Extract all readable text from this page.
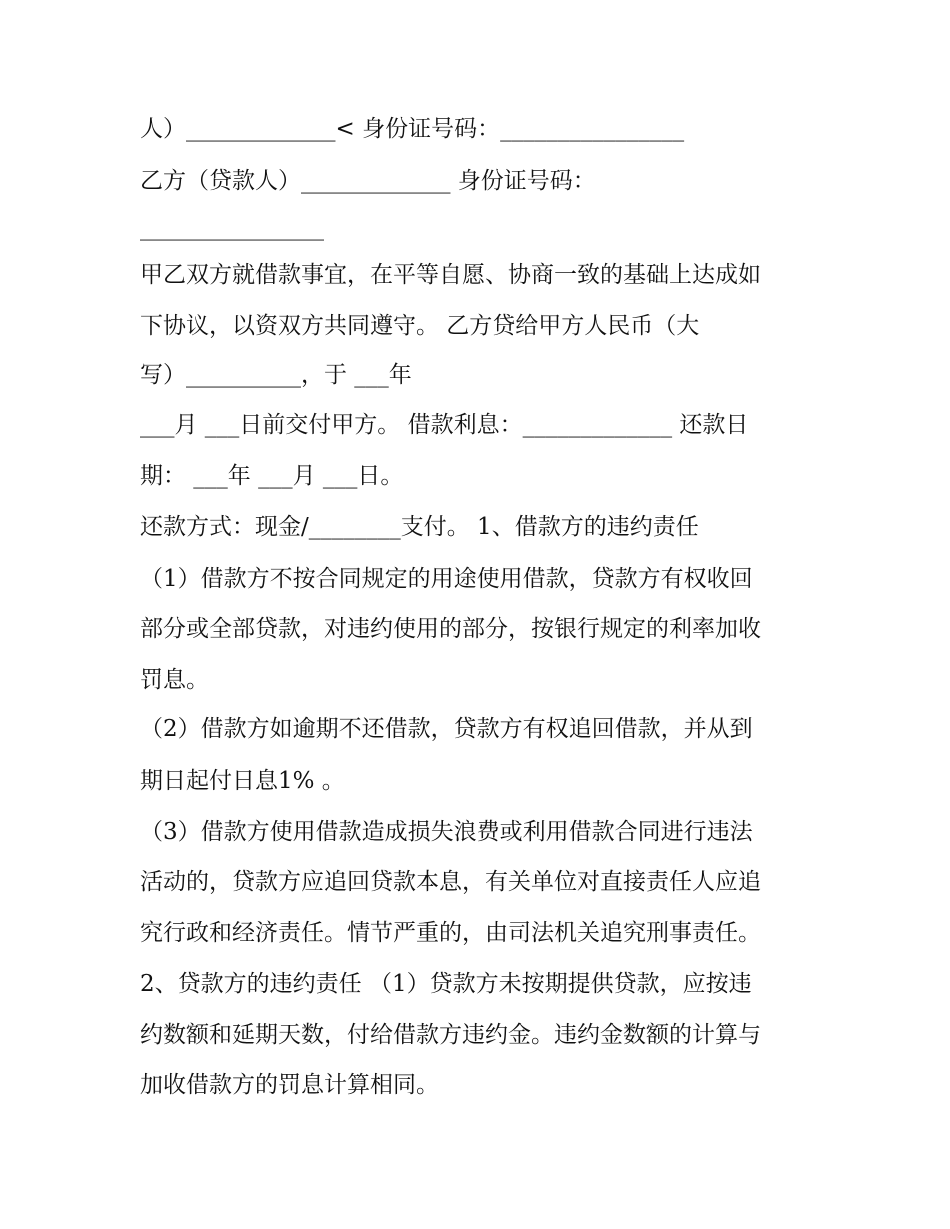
人）_____________< 身份证号码：________________
乙方（贷款人）_____________ 身份证号码：
________________
甲乙双方就借款事宜，在平等自愿、协商一致的基础上达成如
下协议，以资双方共同遵守。 乙方贷给甲方人民币（大
写）__________，于 ___年
___月 ___日前交付甲方。 借款利息：_____________ 还款日
期： ___年 ___月 ___日。
还款方式：现金/________支付。 1、借款方的违约责任
（1）借款方不按合同规定的用途使用借款，贷款方有权收回
部分或全部贷款，对违约使用的部分，按银行规定的利率加收
罚息。
（2）借款方如逾期不还借款，贷款方有权追回借款，并从到
期日起付日息1% 。
（3）借款方使用借款造成损失浪费或利用借款合同进行违法
活动的，贷款方应追回贷款本息，有关单位对直接责任人应追
究行政和经济责任。情节严重的，由司法机关追究刑事责任。
2、贷款方的违约责任 （1）贷款方未按期提供贷款，应按违
约数额和延期天数，付给借款方违约金。违约金数额的计算与
加收借款方的罚息计算相同。
